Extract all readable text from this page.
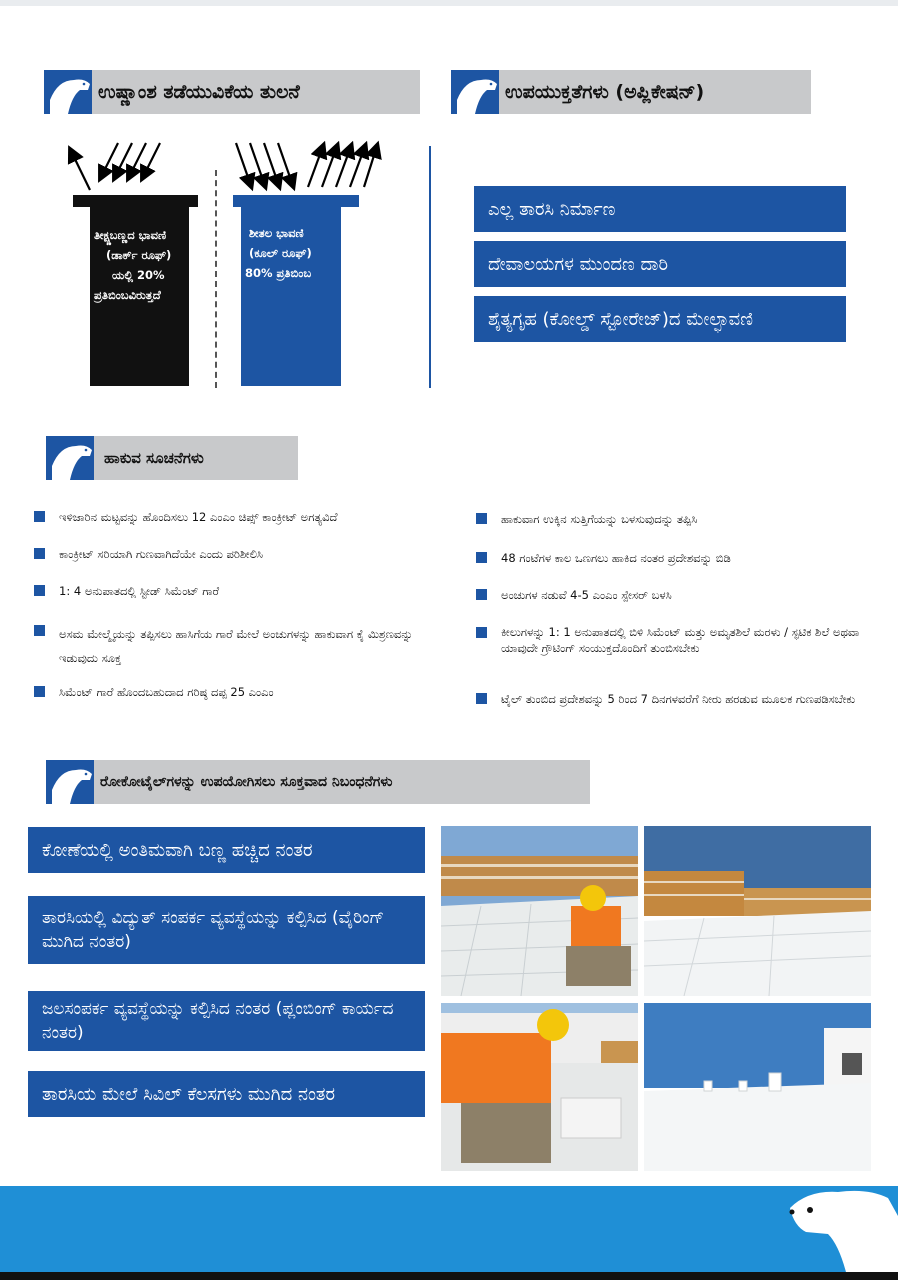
ಉಷ್ಣಾಂಶ ತಡೆಯುವಿಕೆಯ ತುಲನೆ	ಉಪಯುಕ್ತತೆಗಳು (ಅಪ್ಲಿಕೇಷನ್)
ತೀಕ್ಷ್ಣಬಣ್ಣದ ಭಾವಣಿ
(ಡಾರ್ಕ್ ರೂಫ್)
ಯಲ್ಲಿ 20%
ಪ್ರತಿಬಿಂಬವಿರುತ್ತದೆ
ಶೀತಲ ಭಾವಣಿ
(ಕೂಲ್ ರೂಫ್)
80% ಪ್ರತಿಬಿಂಬ
ಎಲ್ಲ ತಾರಸಿ ನಿರ್ಮಾಣ
ದೇವಾಲಯಗಳ ಮುಂದಣ ದಾರಿ
ಶೈತ್ಯಗೃಹ (ಕೋಲ್ಡ್ ಸ್ಟೋರೇಜ್)ದ ಮೇಲ್ಛಾವಣಿ
ಹಾಕುವ ಸೂಚನೆಗಳು
ಇಳಿಜಾರಿನ ಮಟ್ಟವನ್ನು ಹೊಂದಿಸಲು 12 ಎಂಎಂ ಚಿಪ್ಸ್ ಕಾಂಕ್ರೀಟ್ ಅಗತ್ಯವಿದೆ
ಕಾಂಕ್ರೀಟ್ ಸರಿಯಾಗಿ ಗುಣವಾಗಿದೆಯೇ ಎಂದು ಪರಿಶೀಲಿಸಿ
1: 4 ಅನುಪಾತದಲ್ಲಿ ಸ್ಟೀಡ್ ಸಿಮೆಂಟ್ ಗಾರೆ
ಅಸಮ ಮೇಲ್ಮೈಯನ್ನು ತಪ್ಪಿಸಲು ಹಾಸಿಗೆಯ ಗಾರೆ ಮೇಲೆ ಅಂಚುಗಳನ್ನು ಹಾಕುವಾಗ ಕೈ ಮಿಶ್ರಣವನ್ನು ಇಡುವುದು ಸೂಕ್ತ
ಸಿಮೆಂಟ್ ಗಾರೆ ಹೊಂದಬಹುದಾದ ಗರಿಷ್ಠ ದಪ್ಪ 25 ಎಂಎಂ
ಹಾಕುವಾಗ ಉಕ್ಕಿನ ಸುತ್ತಿಗೆಯನ್ನು ಬಳಸುವುದನ್ನು ತಪ್ಪಿಸಿ
48 ಗಂಟೆಗಳ ಕಾಲ ಒಣಗಲು ಹಾಕಿದ ನಂತರ ಪ್ರದೇಶವನ್ನು ಬಿಡಿ
ಅಂಚುಗಳ ನಡುವೆ 4-5 ಎಂಎಂ ಸ್ಪೇಸರ್ ಬಳಸಿ
ಕೀಲುಗಳನ್ನು 1: 1 ಅನುಪಾತದಲ್ಲಿ ಬಿಳಿ ಸಿಮೆಂಟ್ ಮತ್ತು ಅಮೃತಶಿಲೆ ಮರಳು / ಸ್ಫಟಿಕ ಶಿಲೆ ಅಥವಾ ಯಾವುದೇ ಗ್ರೌಟಿಂಗ್ ಸಂಯುಕ್ತದೊಂದಿಗೆ ತುಂಬಿಸಬೇಕು
ಟೈಲ್ ತುಂಬಿದ ಪ್ರದೇಶವನ್ನು 5 ರಿಂದ 7 ದಿನಗಳವರೆಗೆ ನೀರು ಹರಡುವ ಮೂಲಕ ಗುಣಪಡಿಸಬೇಕು
ರೋಕೋಟೈಲ್‌ಗಳನ್ನು ಉಪಯೋಗಿಸಲು ಸೂಕ್ತವಾದ ನಿಬಂಧನೆಗಳು
ಕೋಣೆಯಲ್ಲಿ ಅಂತಿಮವಾಗಿ ಬಣ್ಣ ಹಚ್ಚಿದ ನಂತರ
ತಾರಸಿಯಲ್ಲಿ ವಿದ್ಯುತ್ ಸಂಪರ್ಕ ವ್ಯವಸ್ಥೆಯನ್ನು ಕಲ್ಪಿಸಿದ (ವೈರಿಂಗ್ ಮುಗಿದ ನಂತರ)
ಜಲಸಂಪರ್ಕ ವ್ಯವಸ್ಥೆಯನ್ನು ಕಲ್ಪಿಸಿದ ನಂತರ (ಪ್ಲಂಬಿಂಗ್ ಕಾರ್ಯದ ನಂತರ)
ತಾರಸಿಯ ಮೇಲೆ ಸಿವಿಲ್ ಕೆಲಸಗಳು ಮುಗಿದ ನಂತರ
